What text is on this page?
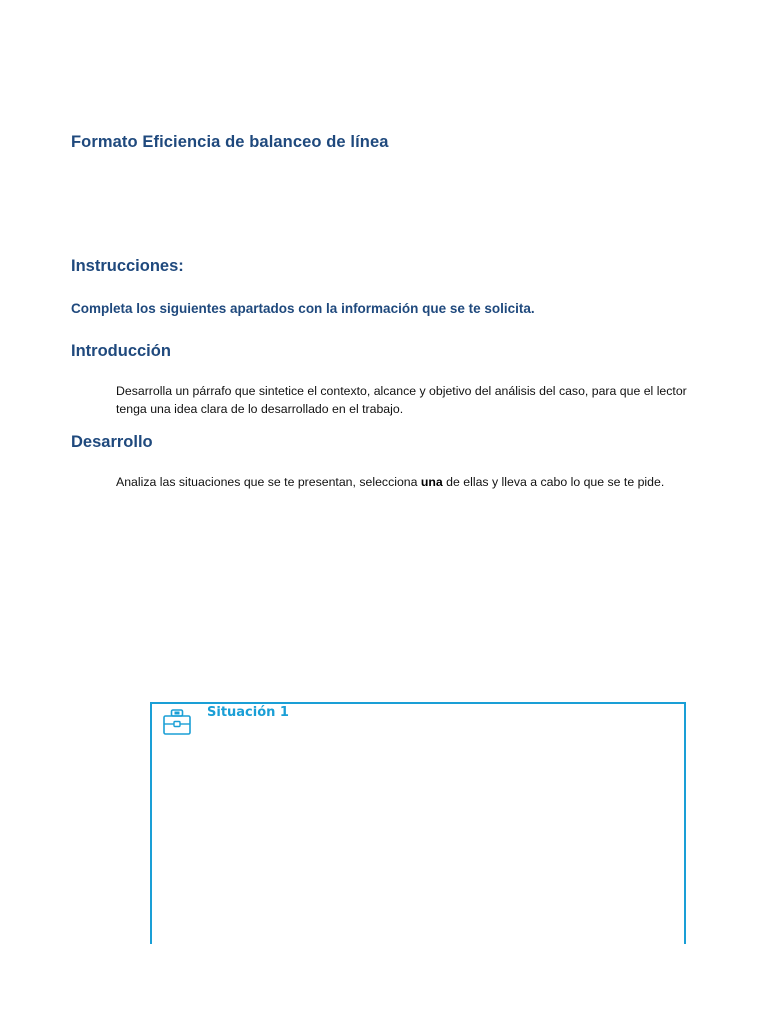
Formato Eficiencia de balanceo de línea
Instrucciones:

Completa los siguientes apartados con la información que se te solicita.

Introducción

Desarrolla un párrafo que sintetice el contexto, alcance y objetivo del análisis del caso, para que el lector tenga una idea clara de lo desarrollado en el trabajo.

Desarrollo

Analiza las situaciones que se te presentan, selecciona una de ellas y lleva a cabo lo que se te pide.

Situación 1
